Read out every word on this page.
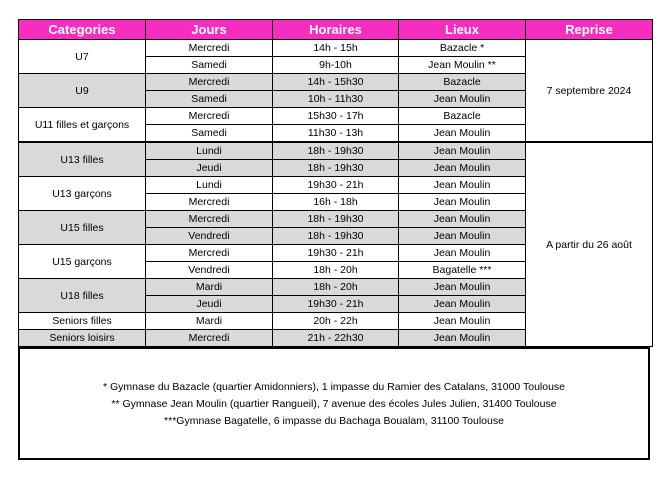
Categories	Jours	Horaires	Lieux	Reprise
U7	Mercredi	14h - 15h	Bazacle *	7 septembre 2024
	Samedi	9h-10h	Jean Moulin **	
U9	Mercredi	14h - 15h30	Bazacle	
	Samedi	10h - 11h30	Jean Moulin	
U11 filles et garçons	Mercredi	15h30 - 17h	Bazacle	
	Samedi	11h30 - 13h	Jean Moulin	
U13 filles	Lundi	18h - 19h30	Jean Moulin	A partir du 26 août
	Jeudi	18h - 19h30	Jean Moulin	
U13 garçons	Lundi	19h30 - 21h	Jean Moulin	
	Mercredi	16h - 18h	Jean Moulin	
U15 filles	Mercredi	18h - 19h30	Jean Moulin	
	Vendredi	18h - 19h30	Jean Moulin	
U15 garçons	Mercredi	19h30 - 21h	Jean Moulin	
	Vendredi	18h - 20h	Bagatelle ***	
U18 filles	Mardi	18h - 20h	Jean Moulin	
	Jeudi	19h30 - 21h	Jean Moulin	
Seniors filles	Mardi	20h - 22h	Jean Moulin	
Seniors loisirs	Mercredi	21h - 22h30	Jean Moulin	
* Gymnase du Bazacle (quartier Amidonniers), 1 impasse du Ramier des Catalans, 31000 Toulouse
** Gymnase Jean Moulin (quartier Rangueil), 7 avenue des écoles Jules Julien, 31400 Toulouse
***Gymnase Bagatelle, 6 impasse du Bachaga Boualam, 31100 Toulouse
